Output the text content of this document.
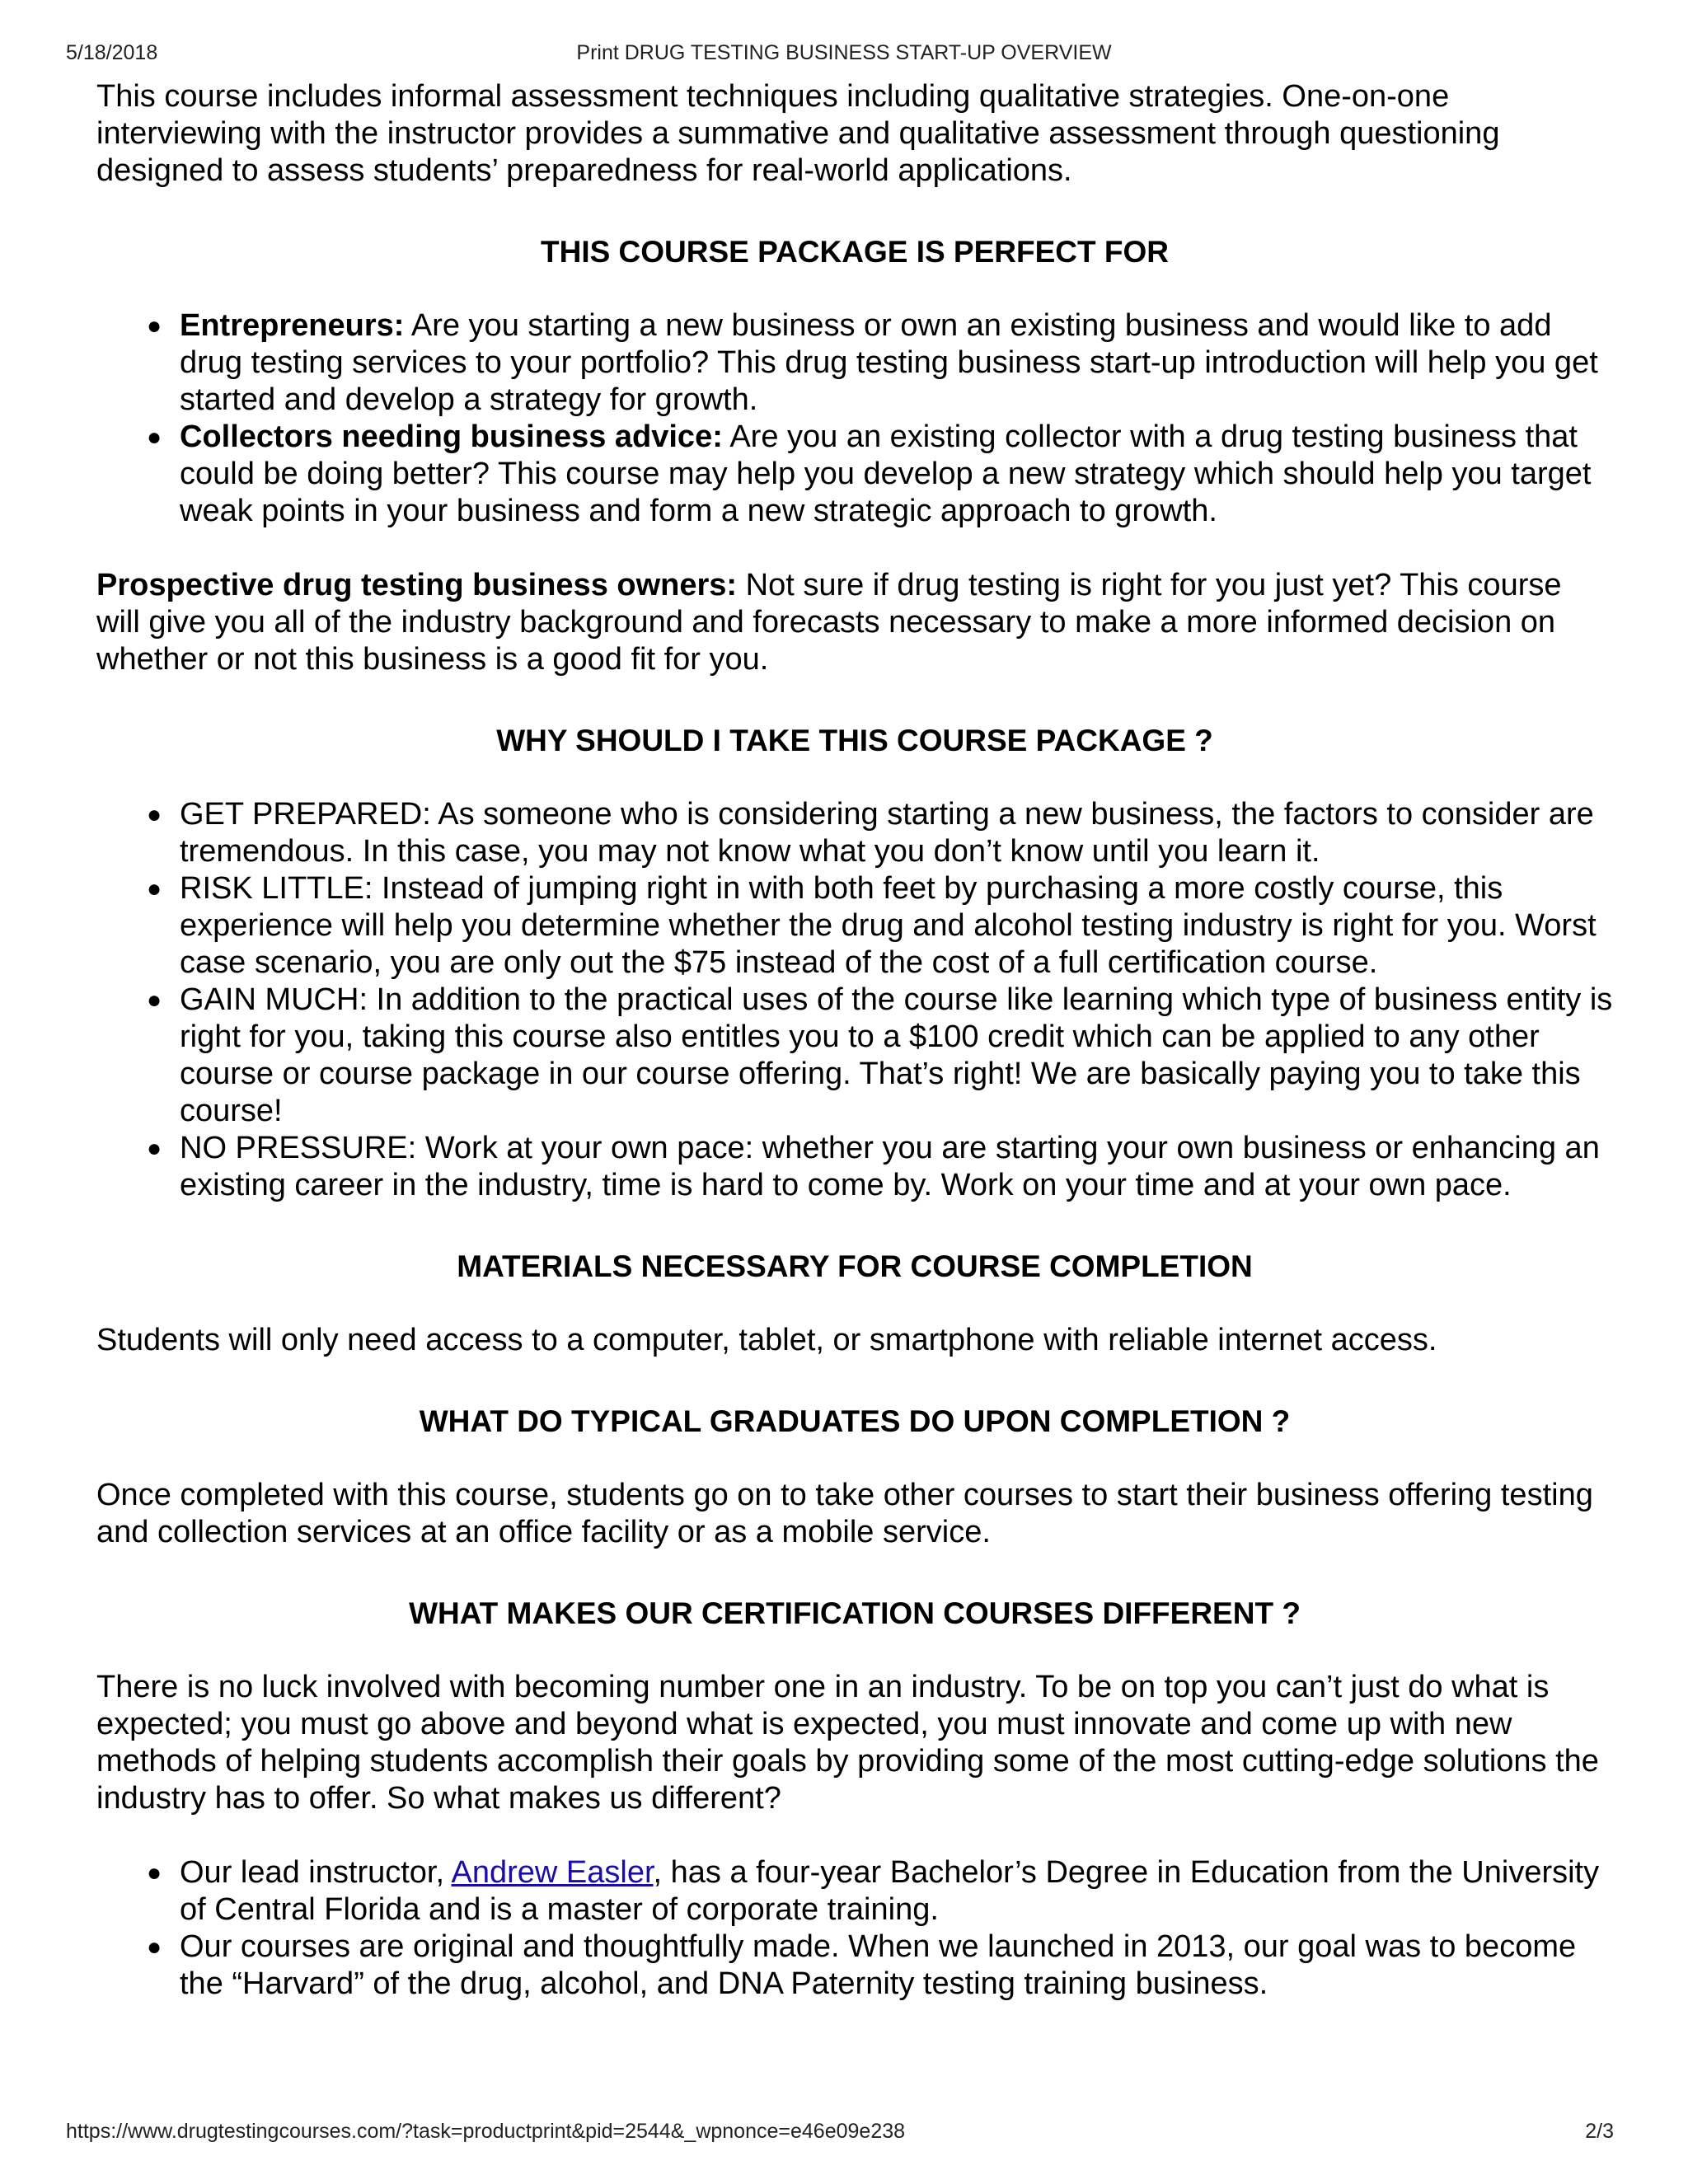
5/18/2018	Print DRUG TESTING BUSINESS START-UP OVERVIEW

This course includes informal assessment techniques including qualitative strategies. One-on-one interviewing with the instructor provides a summative and qualitative assessment through questioning designed to assess students’ preparedness for real-world applications.

THIS COURSE PACKAGE IS PERFECT FOR
● Entrepreneurs: Are you starting a new business or own an existing business and would like to add drug testing services to your portfolio? This drug testing business start-up introduction will help you get started and develop a strategy for growth.
● Collectors needing business advice: Are you an existing collector with a drug testing business that could be doing better? This course may help you develop a new strategy which should help you target weak points in your business and form a new strategic approach to growth.

Prospective drug testing business owners: Not sure if drug testing is right for you just yet? This course will give you all of the industry background and forecasts necessary to make a more informed decision on whether or not this business is a good fit for you.

WHY SHOULD I TAKE THIS COURSE PACKAGE ?
● GET PREPARED: As someone who is considering starting a new business, the factors to consider are tremendous. In this case, you may not know what you don’t know until you learn it.
● RISK LITTLE: Instead of jumping right in with both feet by purchasing a more costly course, this experience will help you determine whether the drug and alcohol testing industry is right for you. Worst case scenario, you are only out the $75 instead of the cost of a full certification course.
● GAIN MUCH: In addition to the practical uses of the course like learning which type of business entity is right for you, taking this course also entitles you to a $100 credit which can be applied to any other course or course package in our course offering. That’s right! We are basically paying you to take this course!
● NO PRESSURE: Work at your own pace: whether you are starting your own business or enhancing an existing career in the industry, time is hard to come by. Work on your time and at your own pace.
MATERIALS NECESSARY FOR COURSE COMPLETION

Students will only need access to a computer, tablet, or smartphone with reliable internet access.

WHAT DO TYPICAL GRADUATES DO UPON COMPLETION ?

Once completed with this course, students go on to take other courses to start their business offering testing and collection services at an office facility or as a mobile service.

WHAT MAKES OUR CERTIFICATION COURSES DIFFERENT ?

There is no luck involved with becoming number one in an industry. To be on top you can’t just do what is expected; you must go above and beyond what is expected, you must innovate and come up with new methods of helping students accomplish their goals by providing some of the most cutting-edge solutions the industry has to offer. So what makes us different?

● Our lead instructor, Andrew Easler, has a four-year Bachelor’s Degree in Education from the University of Central Florida and is a master of corporate training.
● Our courses are original and thoughtfully made. When we launched in 2013, our goal was to become the “Harvard” of the drug, alcohol, and DNA Paternity testing training business.
https://www.drugtestingcourses.com/?task=productprint&pid=2544&_wpnonce=e46e09e238	2/3
